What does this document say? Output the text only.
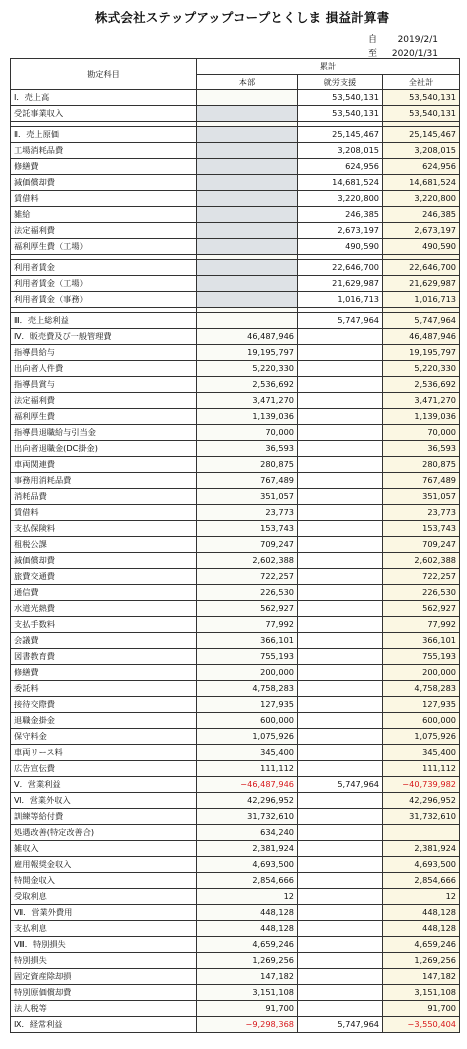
株式会社ステップアップコープとくしま 損益計算書
自 2019/2/1
至 2020/1/31
勘定科目	累計		
	本部	就労支援	全社計
Ⅰ．売上高		53,540,131	53,540,131
受託事業収入		53,540,131	53,540,131

Ⅱ．売上原価		25,145,467	25,145,467
工場消耗品費		3,208,015	3,208,015
修繕費		624,956	624,956
減価償却費		14,681,524	14,681,524
賃借料		3,220,800	3,220,800
雑給		246,385	246,385
法定福利費		2,673,197	2,673,197
福利厚生費（工場）		490,590	490,590

利用者賃金		22,646,700	22,646,700
利用者賃金（工場）		21,629,987	21,629,987
利用者賃金（事務）		1,016,713	1,016,713

Ⅲ．売上総利益		5,747,964	5,747,964
Ⅳ．販売費及び一般管理費	46,487,946		46,487,946
指導員給与	19,195,797		19,195,797
出向者人件費	5,220,330		5,220,330
指導員賞与	2,536,692		2,536,692
法定福利費	3,471,270		3,471,270
福利厚生費	1,139,036		1,139,036
指導員退職給与引当金	70,000		70,000
出向者退職金(DC掛金)	36,593		36,593
車両関連費	280,875		280,875
事務用消耗品費	767,489		767,489
消耗品費	351,057		351,057
賃借料	23,773		23,773
支払保険料	153,743		153,743
租税公課	709,247		709,247
減価償却費	2,602,388		2,602,388
旅費交通費	722,257		722,257
通信費	226,530		226,530
水道光熱費	562,927		562,927
支払手数料	77,992		77,992
会議費	366,101		366,101
図書教育費	755,193		755,193
修繕費	200,000		200,000
委託料	4,758,283		4,758,283
接待交際費	127,935		127,935
退職金掛金	600,000		600,000
保守料金	1,075,926		1,075,926
車両リース料	345,400		345,400
広告宣伝費	111,112		111,112
Ⅴ．営業利益	−46,487,946	5,747,964	−40,739,982
Ⅵ．営業外収入	42,296,952		42,296,952
訓練等給付費	31,732,610		31,732,610
処遇改善(特定改善合)	634,240		
雑収入	2,381,924		2,381,924
雇用報奨金収入	4,693,500		4,693,500
特開金収入	2,854,666		2,854,666
受取利息	12		12
Ⅶ．営業外費用	448,128		448,128
支払利息	448,128		448,128
Ⅷ．特別損失	4,659,246		4,659,246
特別損失	1,269,256		1,269,256
固定資産除却損	147,182		147,182
特別原価償却費	3,151,108		3,151,108
法人税等	91,700		91,700
Ⅸ．経常利益	−9,298,368	5,747,964	−3,550,404
